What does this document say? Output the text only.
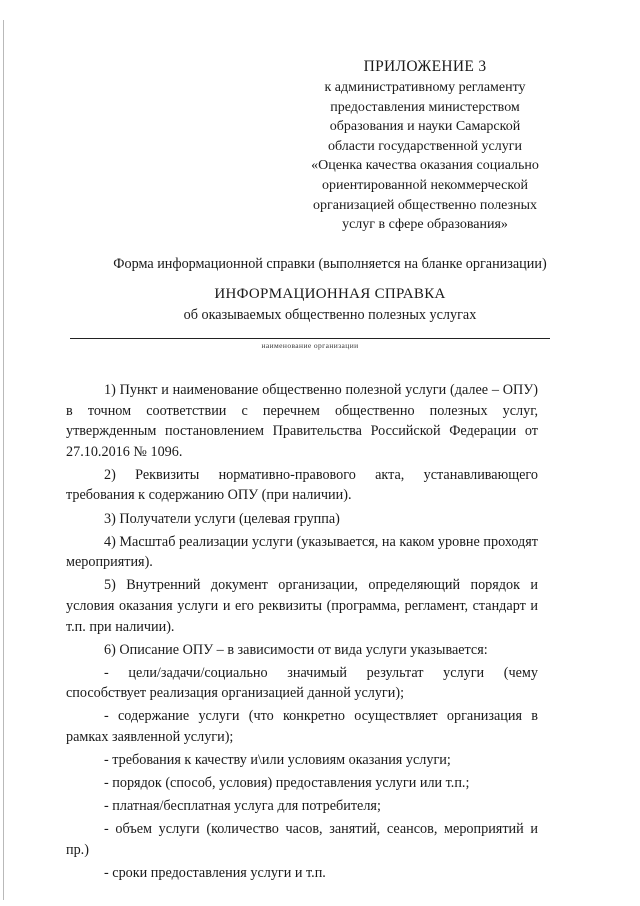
ПРИЛОЖЕНИЕ 3
к административному регламенту
предоставления министерством
образования и науки Самарской
области государственной услуги
«Оценка качества оказания социально
ориентированной некоммерческой
организацией общественно полезных
услуг в сфере образования»
Форма информационной справки (выполняется на бланке организации)
ИНФОРМАЦИОННАЯ СПРАВКА
об оказываемых общественно полезных услугах
наименование организации

1) Пункт и наименование общественно полезной услуги (далее – ОПУ) в точном соответствии с перечнем общественно полезных услуг, утвержденным постановлением Правительства Российской Федерации от 27.10.2016 № 1096.

2) Реквизиты нормативно-правового акта, устанавливающего требования к содержанию ОПУ (при наличии).

3) Получатели услуги (целевая группа)

4) Масштаб реализации услуги (указывается, на каком уровне проходят мероприятия).

5) Внутренний документ организации, определяющий порядок и условия оказания услуги и его реквизиты (программа, регламент, стандарт и т.п. при наличии).

6) Описание ОПУ – в зависимости от вида услуги указывается:

- цели/задачи/социально значимый результат услуги (чему способствует реализация организацией данной услуги);

- содержание услуги (что конкретно осуществляет организация в рамках заявленной услуги);

- требования к качеству и\или условиям оказания услуги;

- порядок (способ, условия) предоставления услуги или т.п.;

- платная/бесплатная услуга для потребителя;

- объем услуги (количество часов, занятий, сеансов, мероприятий и пр.)

- сроки предоставления услуги и т.п.
